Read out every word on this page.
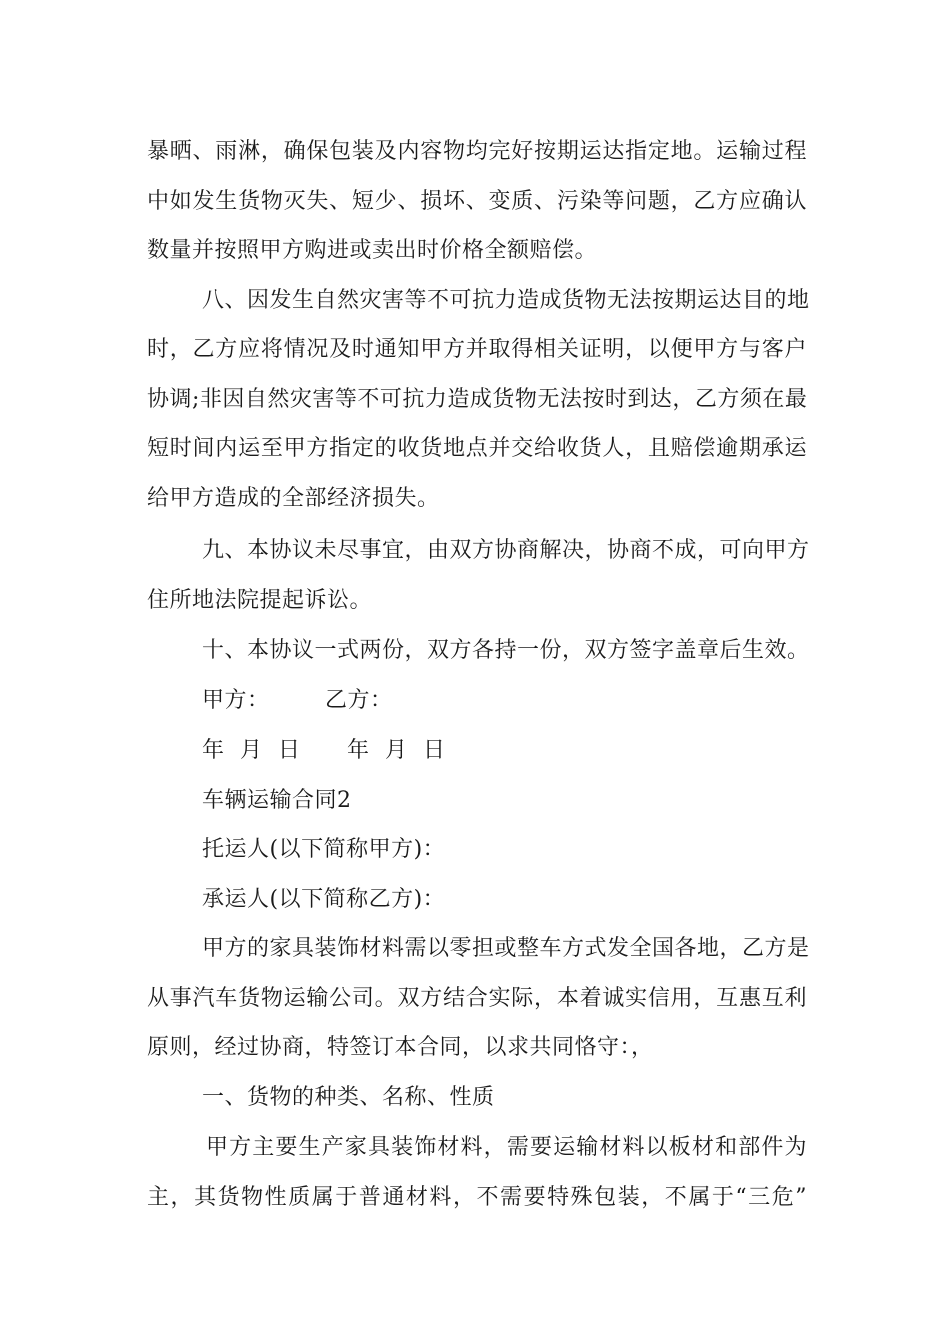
暴晒、雨淋，确保包装及内容物均完好按期运达指定地。运输过程
中如发生货物灭失、短少、损坏、变质、污染等问题，乙方应确认
数量并按照甲方购进或卖出时价格全额赔偿。
八、因发生自然灾害等不可抗力造成货物无法按期运达目的地
时，乙方应将情况及时通知甲方并取得相关证明，以便甲方与客户
协调;非因自然灾害等不可抗力造成货物无法按时到达，乙方须在最
短时间内运至甲方指定的收货地点并交给收货人，且赔偿逾期承运
给甲方造成的全部经济损失。
九、本协议未尽事宜，由双方协商解决，协商不成，可向甲方
住所地法院提起诉讼。
十、本协议一式两份，双方各持一份，双方签字盖章后生效。
甲方：	乙方：
年 月 日 年 月 日
车辆运输合同2
托运人(以下简称甲方)：
承运人(以下简称乙方)：
甲方的家具装饰材料需以零担或整车方式发全国各地，乙方是
从事汽车货物运输公司。双方结合实际，本着诚实信用，互惠互利
原则，经过协商，特签订本合同，以求共同恪守：，
一、货物的种类、名称、性质
甲方主要生产家具装饰材料，需要运输材料以板材和部件为
主，其货物性质属于普通材料，不需要特殊包装，不属于“三危”
